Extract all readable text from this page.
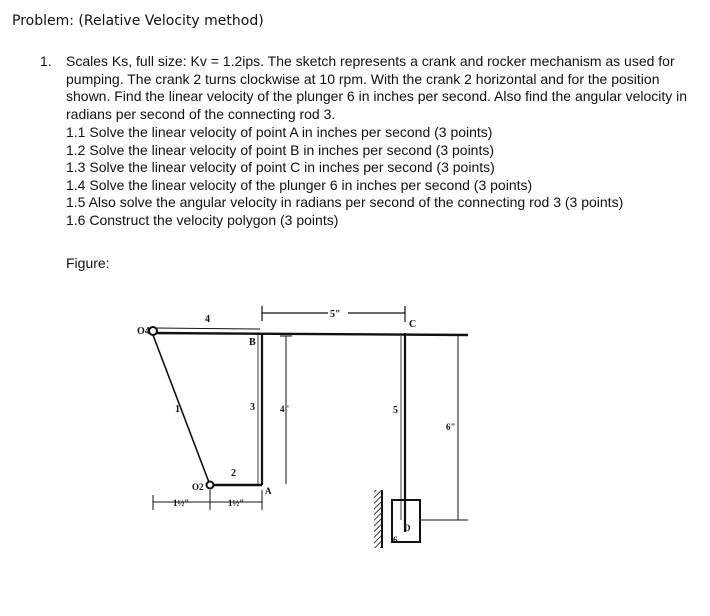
Problem: (Relative Velocity method)
1. Scales Ks, full size: Kv = 1.2ips. The sketch represents a crank and rocker mechanism as used for pumping. The crank 2 turns clockwise at 10 rpm. With the crank 2 horizontal and for the position shown. Find the linear velocity of the plunger 6 in inches per second. Also find the angular velocity in radians per second of the connecting rod 3.
1.1 Solve the linear velocity of point A in inches per second (3 points)
1.2 Solve the linear velocity of point B in inches per second (3 points)
1.3 Solve the linear velocity of point C in inches per second (3 points)
1.4 Solve the linear velocity of the plunger 6 in inches per second (3 points)
1.5 Also solve the angular velocity in radians per second of the connecting rod 3 (3 points)
1.6 Construct the velocity polygon (3 points)
Figure:
O4
4	5"
B
C
1	3	4"	5
6"
2
O2	A
1½"	1½"
6
D
